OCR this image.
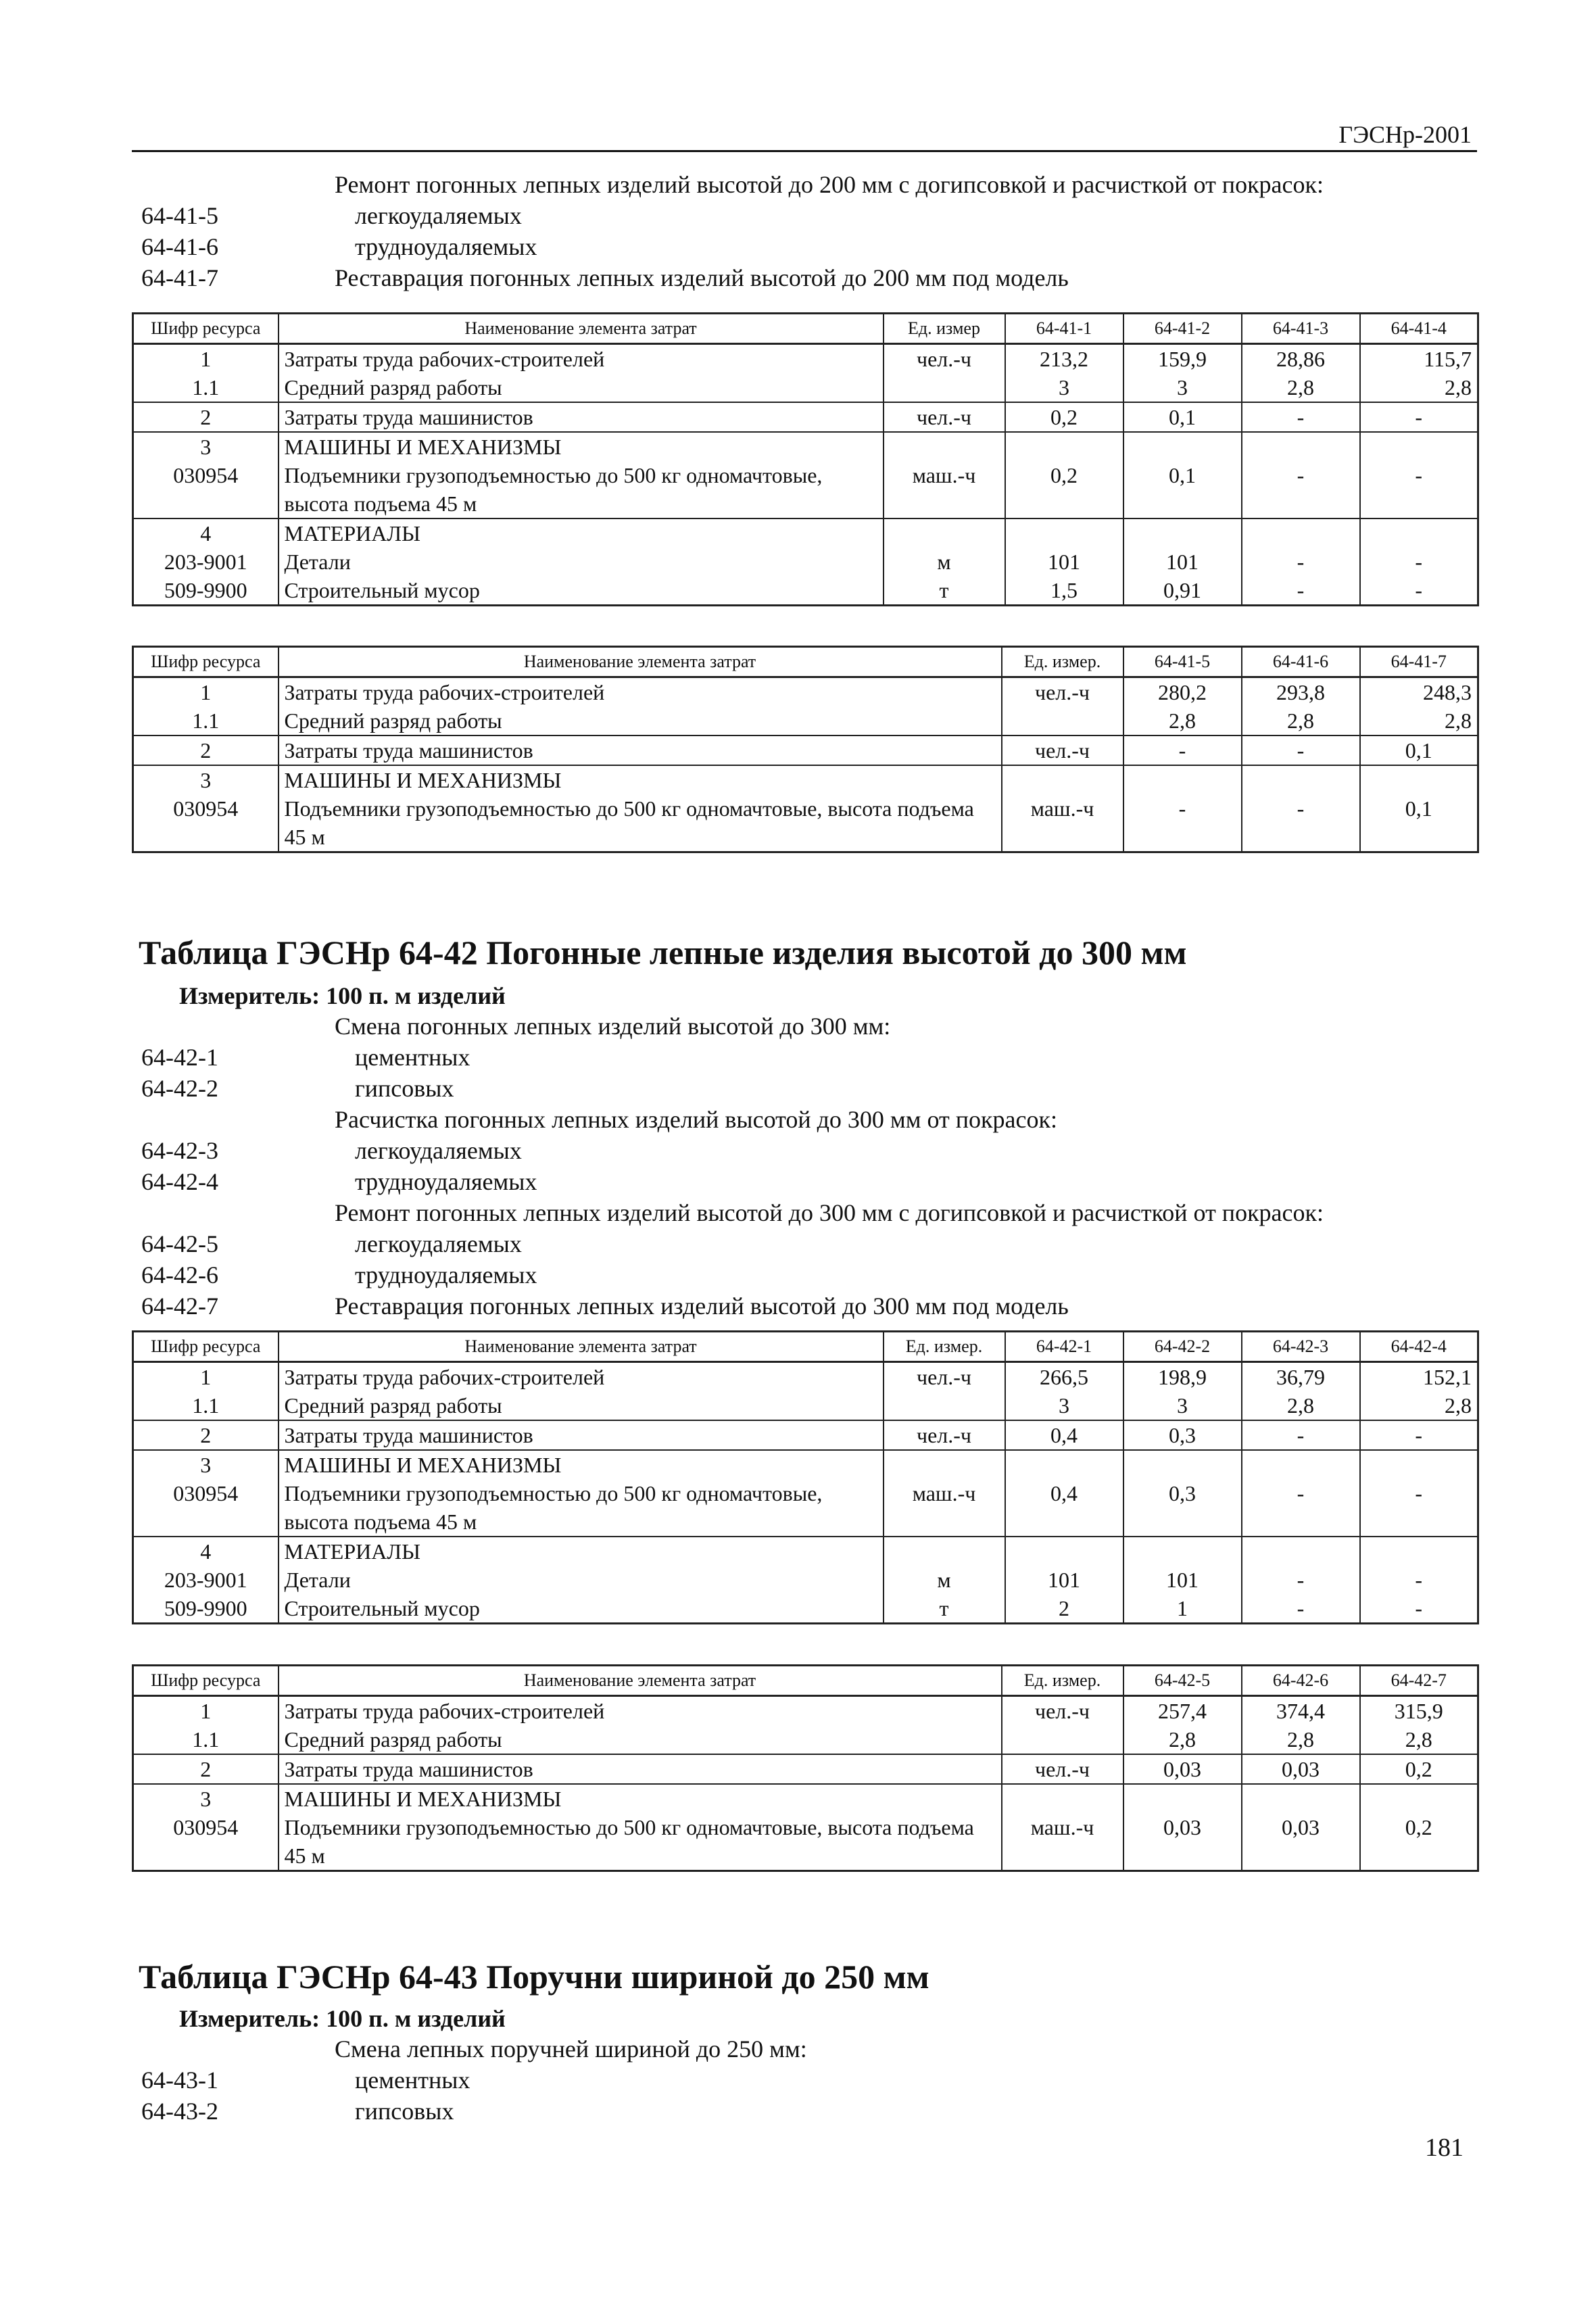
ГЭСНр-2001
Ремонт погонных лепных изделий высотой до 200 мм с догипсовкой и расчисткой от покрасок:
64-41-5	легкоудаляемых
64-41-6	трудноудаляемых
64-41-7	Реставрация погонных лепных изделий высотой до 200 мм под модель
Шифр ресурса	Наименование элемента затрат	Ед. измер	64-41-1	64-41-2	64-41-3	64-41-4
1	Затраты труда рабочих-строителей	чел.-ч	213,2	159,9	28,86	115,7
1.1	Средний разряд работы		3	3	2,8	2,8
2	Затраты труда машинистов	чел.-ч	0,2	0,1	-	-
3	МАШИНЫ И МЕХАНИЗМЫ					
030954	Подъемники грузоподъемностью до 500 кг одномачтовые, высота подъема 45 м	маш.-ч	0,2	0,1	-	-
4	МАТЕРИАЛЫ					
203-9001	Детали	м	101	101	-	-
509-9900	Строительный мусор	т	1,5	0,91	-	-
Шифр ресурса	Наименование элемента затрат	Ед. измер.	64-41-5	64-41-6	64-41-7
1	Затраты труда рабочих-строителей	чел.-ч	280,2	293,8	248,3
1.1	Средний разряд работы		2,8	2,8	2,8
2	Затраты труда машинистов	чел.-ч	-	-	0,1
3	МАШИНЫ И МЕХАНИЗМЫ				
030954	Подъемники грузоподъемностью до 500 кг одномачтовые, высота подъема 45 м	маш.-ч	-	-	0,1
Таблица ГЭСНр 64-42 Погонные лепные изделия высотой до 300 мм
Измеритель: 100 п. м изделий
Смена погонных лепных изделий высотой до 300 мм:
64-42-1	цементных
64-42-2	гипсовых
Расчистка погонных лепных изделий высотой до 300 мм от покрасок:
64-42-3	легкоудаляемых
64-42-4	трудноудаляемых
Ремонт погонных лепных изделий высотой до 300 мм с догипсовкой и расчисткой от покрасок:
64-42-5	легкоудаляемых
64-42-6	трудноудаляемых
64-42-7	Реставрация погонных лепных изделий высотой до 300 мм под модель
Шифр ресурса	Наименование элемента затрат	Ед. измер.	64-42-1	64-42-2	64-42-3	64-42-4
1	Затраты труда рабочих-строителей	чел.-ч	266,5	198,9	36,79	152,1
1.1	Средний разряд работы		3	3	2,8	2,8
2	Затраты труда машинистов	чел.-ч	0,4	0,3	-	-
3	МАШИНЫ И МЕХАНИЗМЫ					
030954	Подъемники грузоподъемностью до 500 кг одномачтовые, высота подъема 45 м	маш.-ч	0,4	0,3	-	-
4	МАТЕРИАЛЫ					
203-9001	Детали	м	101	101	-	-
509-9900	Строительный мусор	т	2	1	-	-
Шифр ресурса	Наименование элемента затрат	Ед. измер.	64-42-5	64-42-6	64-42-7
1	Затраты труда рабочих-строителей	чел.-ч	257,4	374,4	315,9
1.1	Средний разряд работы		2,8	2,8	2,8
2	Затраты труда машинистов	чел.-ч	0,03	0,03	0,2
3	МАШИНЫ И МЕХАНИЗМЫ				
030954	Подъемники грузоподъемностью до 500 кг одномачтовые, высота подъема 45 м	маш.-ч	0,03	0,03	0,2
Таблица ГЭСНр 64-43 Поручни шириной до 250 мм
Измеритель: 100 п. м изделий
Смена лепных поручней шириной до 250 мм:
64-43-1	цементных
64-43-2	гипсовых
181
